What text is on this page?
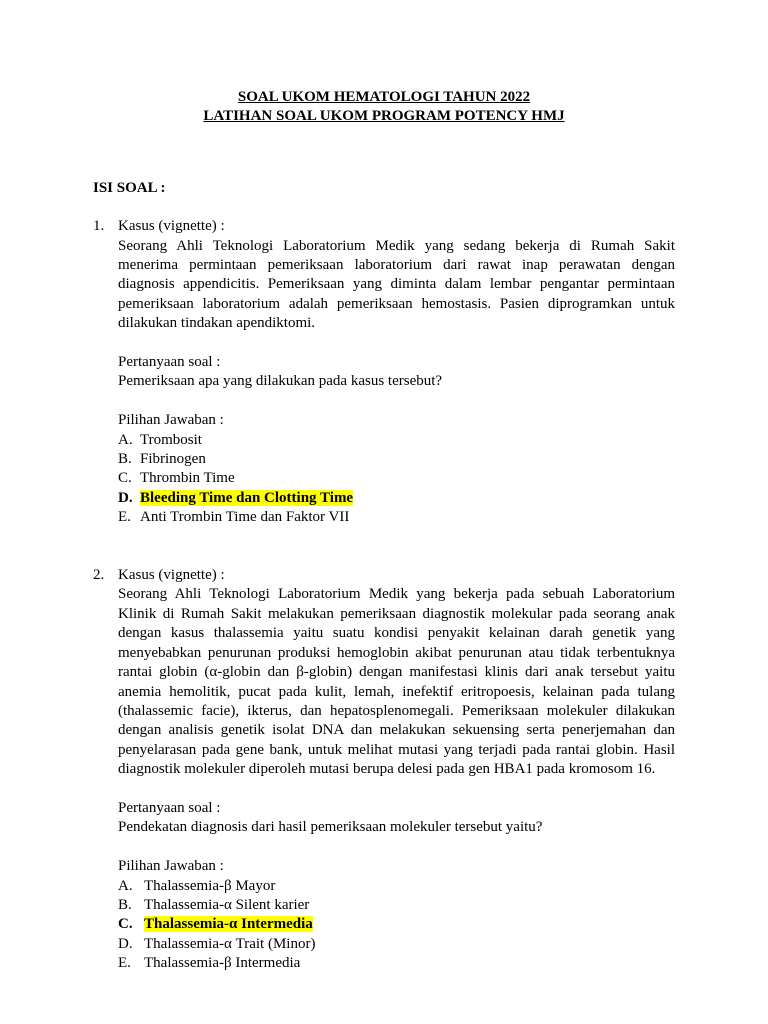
SOAL UKOM HEMATOLOGI TAHUN 2022

LATIHAN SOAL UKOM PROGRAM POTENCY HMJ

ISI SOAL :
1. Kasus (vignette) :

Seorang Ahli Teknologi Laboratorium Medik yang sedang bekerja di Rumah Sakit menerima permintaan pemeriksaan laboratorium dari rawat inap perawatan dengan diagnosis appendicitis. Pemeriksaan yang diminta dalam lembar pengantar permintaan pemeriksaan laboratorium adalah pemeriksaan hemostasis. Pasien diprogramkan untuk dilakukan tindakan apendiktomi.

Pertanyaan soal :
Pemeriksaan apa yang dilakukan pada kasus tersebut?
Pilihan Jawaban :
A. Trombosit
B. Fibrinogen
C. Thrombin Time
D. Bleeding Time dan Clotting Time
E. Anti Trombin Time dan Faktor VII
2. Kasus (vignette) :

Seorang Ahli Teknologi Laboratorium Medik yang bekerja pada sebuah Laboratorium Klinik di Rumah Sakit melakukan pemeriksaan diagnostik molekular pada seorang anak dengan kasus thalassemia yaitu suatu kondisi penyakit kelainan darah genetik yang menyebabkan penurunan produksi hemoglobin akibat penurunan atau tidak terbentuknya rantai globin (α-globin dan β-globin) dengan manifestasi klinis dari anak tersebut yaitu anemia hemolitik, pucat pada kulit, lemah, inefektif eritropoesis, kelainan pada tulang (thalassemic facie), ikterus, dan hepatosplenomegali. Pemeriksaan molekuler dilakukan dengan analisis genetik isolat DNA dan melakukan sekuensing serta penerjemahan dan penyelarasan pada gene bank, untuk melihat mutasi yang terjadi pada rantai globin. Hasil diagnostik molekuler diperoleh mutasi berupa delesi pada gen HBA1 pada kromosom 16.

Pertanyaan soal :
Pendekatan diagnosis dari hasil pemeriksaan molekuler tersebut yaitu?
Pilihan Jawaban :
A. Thalassemia-β Mayor
B. Thalassemia-α Silent karier
C. Thalassemia-α Intermedia
D. Thalassemia-α Trait (Minor)
E. Thalassemia-β Intermedia
